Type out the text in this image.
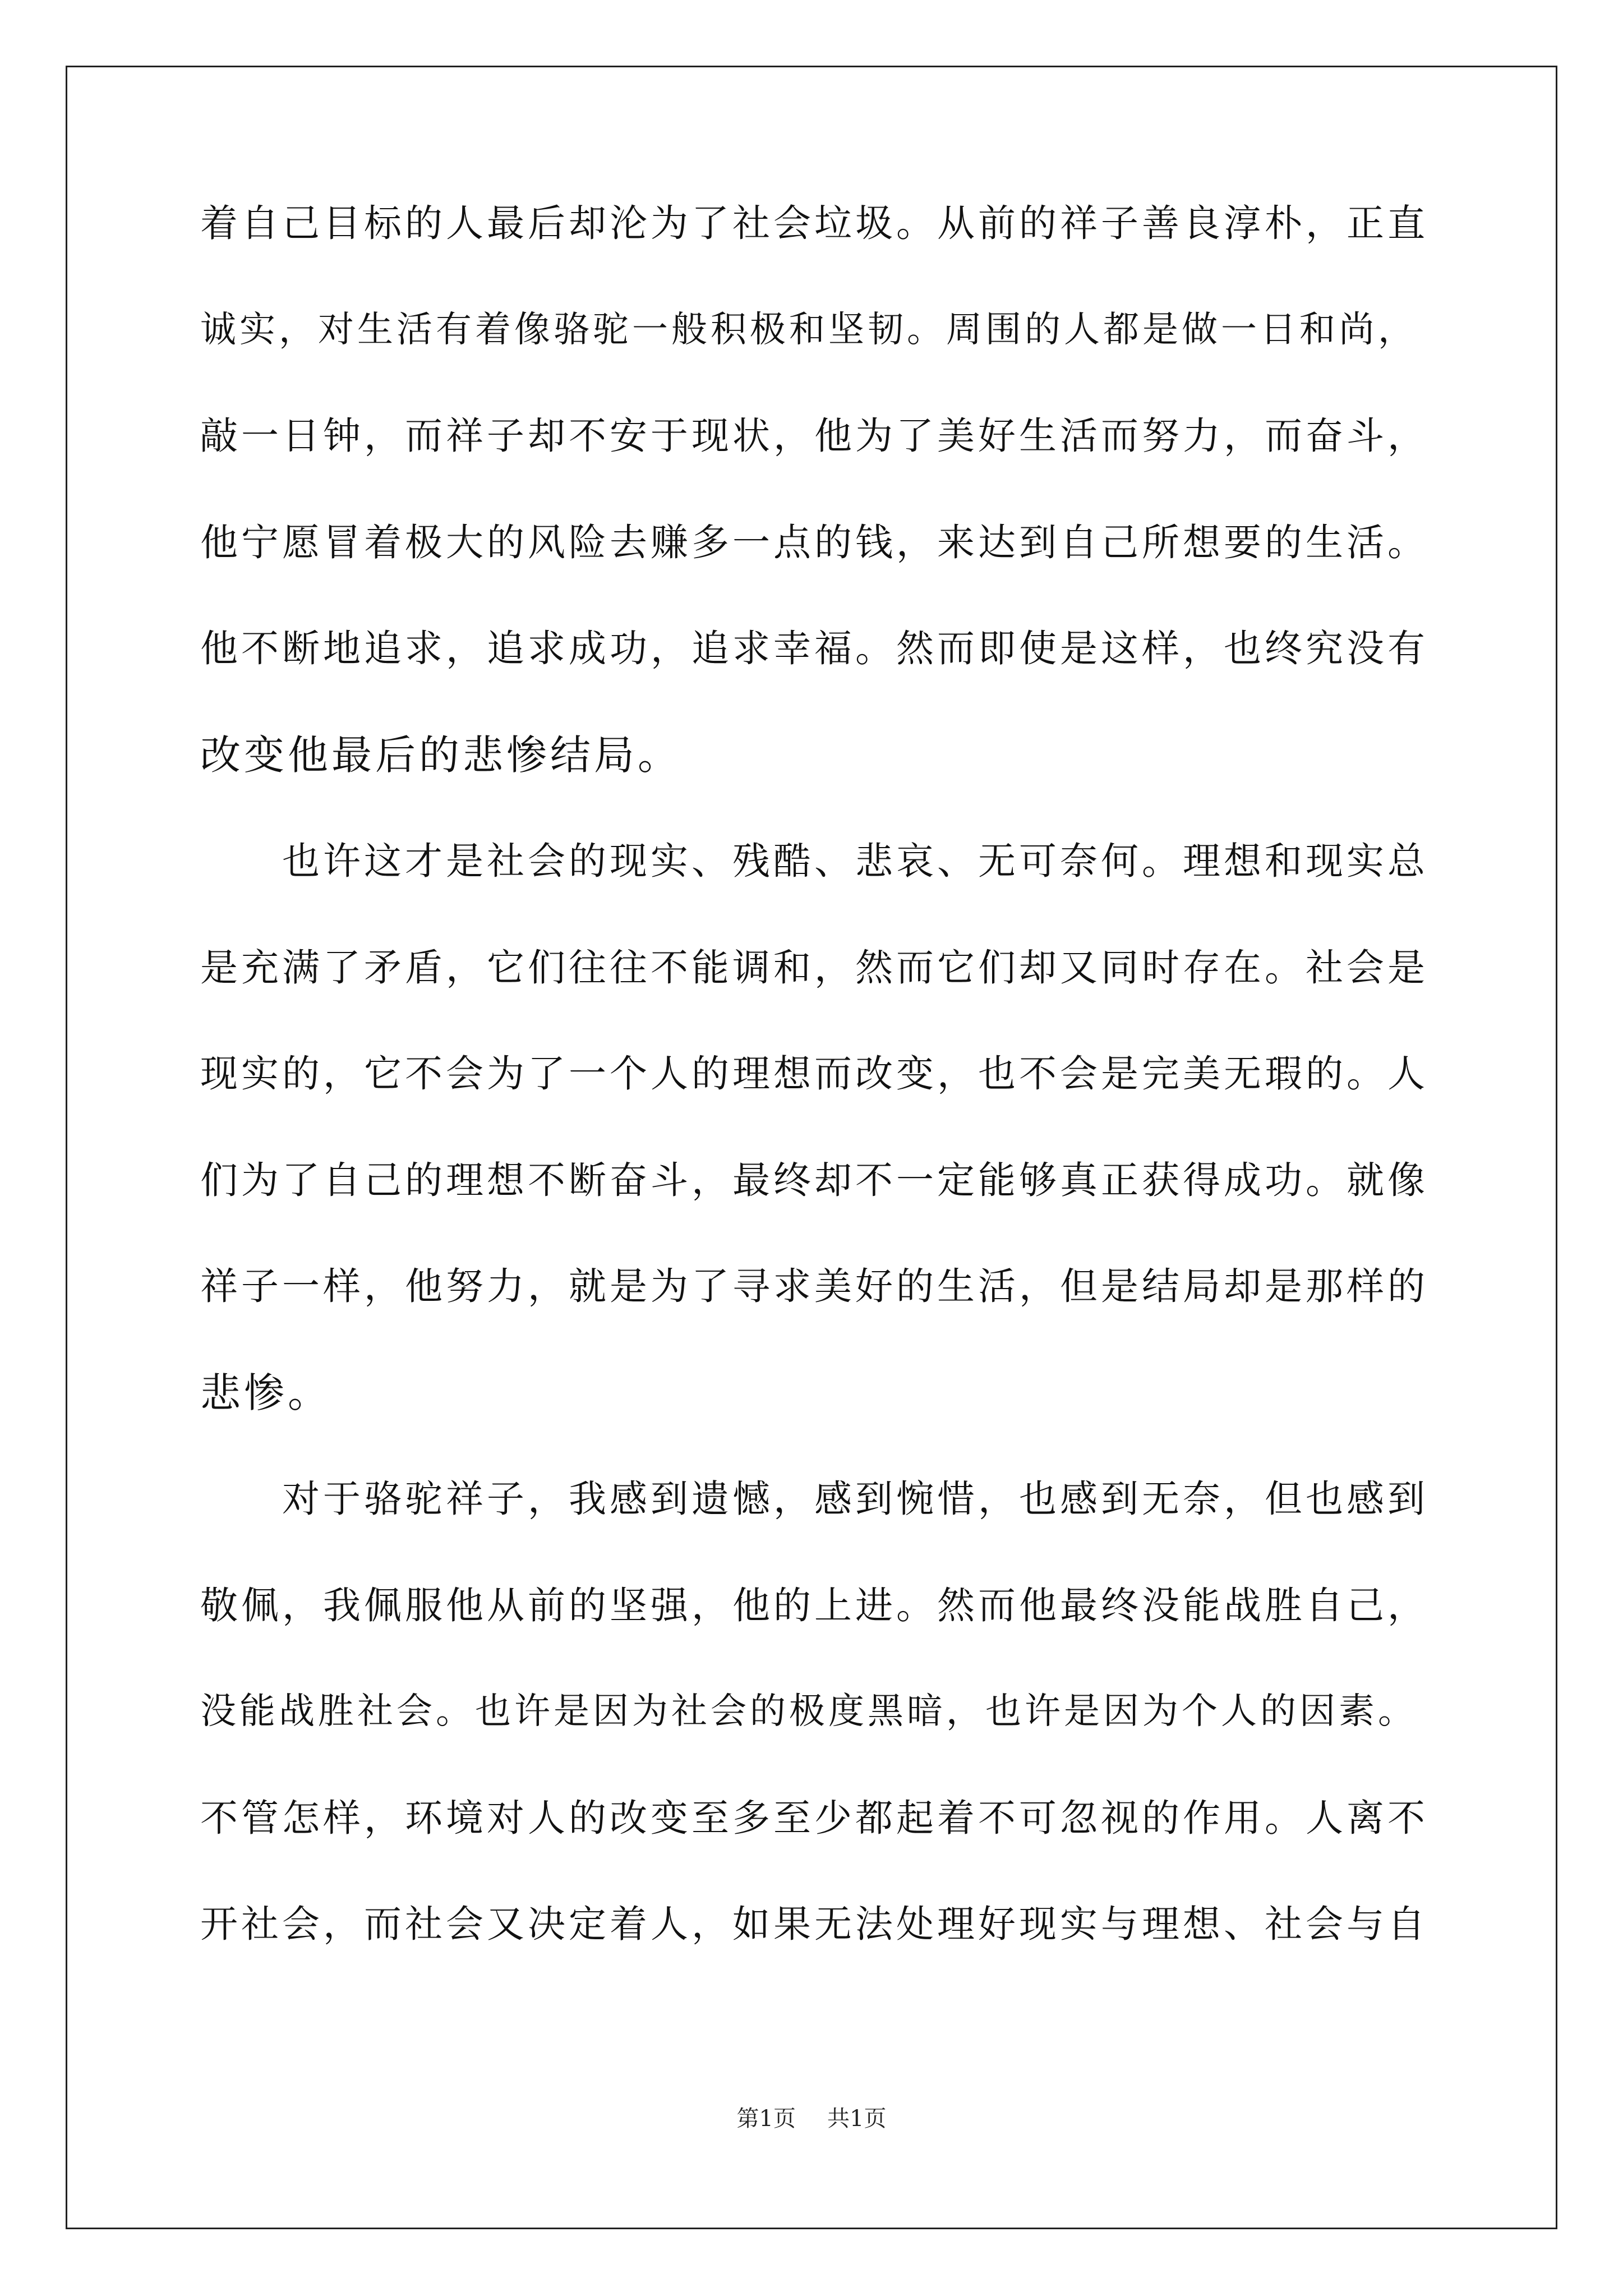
着自己目标的人最后却沦为了社会垃圾。从前的祥子善良淳朴，正直
诚实，对生活有着像骆驼一般积极和坚韧。周围的人都是做一日和尚，
敲一日钟，而祥子却不安于现状，他为了美好生活而努力，而奋斗，
他宁愿冒着极大的风险去赚多一点的钱，来达到自己所想要的生活。
他不断地追求，追求成功，追求幸福。然而即使是这样，也终究没有
改变他最后的悲惨结局。
　　也许这才是社会的现实、残酷、悲哀、无可奈何。理想和现实总
是充满了矛盾，它们往往不能调和，然而它们却又同时存在。社会是
现实的，它不会为了一个人的理想而改变，也不会是完美无瑕的。人
们为了自己的理想不断奋斗，最终却不一定能够真正获得成功。就像
祥子一样，他努力，就是为了寻求美好的生活，但是结局却是那样的
悲惨。
　　对于骆驼祥子，我感到遗憾，感到惋惜，也感到无奈，但也感到
敬佩，我佩服他从前的坚强，他的上进。然而他最终没能战胜自己，
没能战胜社会。也许是因为社会的极度黑暗，也许是因为个人的因素。
不管怎样，环境对人的改变至多至少都起着不可忽视的作用。人离不
开社会，而社会又决定着人，如果无法处理好现实与理想、社会与自
第1页 共1页
